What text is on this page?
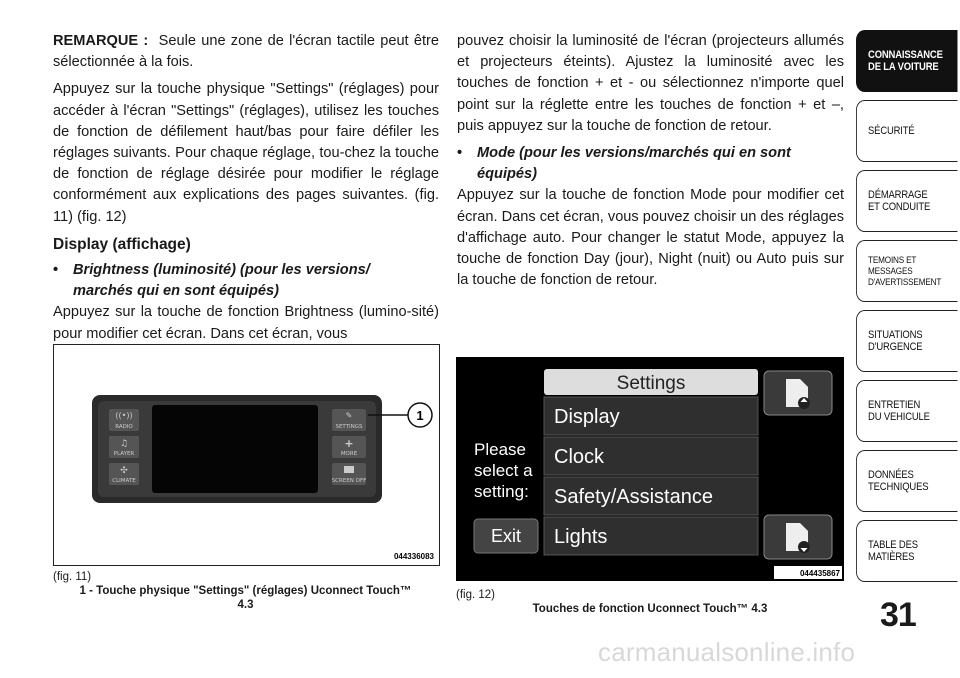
REMARQUE : Seule une zone de l'écran tactile peut être sélectionnée à la fois.

Appuyez sur la touche physique "Settings" (réglages) pour accéder à l'écran "Settings" (réglages), utilisez les touches de fonction de défilement haut/bas pour faire défiler les réglages suivants. Pour chaque réglage, tou-chez la touche de fonction de réglage désirée pour modifier le réglage conformément aux explications des pages suivantes. (fig. 11) (fig. 12)

Display (affichage)

• Brightness (luminosité) (pour les versions/
marchés qui en sont équipés)

Appuyez sur la touche de fonction Brightness (lumino-sité) pour modifier cet écran. Dans cet écran, vous

pouvez choisir la luminosité de l'écran (projecteurs allumés et projecteurs éteints). Ajustez la luminosité avec les touches de fonction + et - ou sélectionnez n'importe quel point sur la réglette entre les touches de fonction + et –, puis appuyez sur la touche de fonction de retour.

• Mode (pour les versions/marchés qui en sont
équipés)

Appuyez sur la touche de fonction Mode pour modifier cet écran. Dans cet écran, vous pouvez choisir un des réglages d'affichage auto. Pour changer le statut Mode, appuyez la touche de fonction Day (jour), Night (nuit) ou Auto puis sur la touche de fonction de retour.

((•))
RADIO
♫
PLAYER
✣
CLIMATE
✎
SETTINGS
+
MORE
SCREEN OFF
1
044336083
(fig. 11)
1 - Touche physique "Settings" (réglages) Uconnect Touch™ 4.3
Settings
Display
Clock
Safety/Assistance
Lights
Please
select a
setting:
Exit
044435867
(fig. 12)
Touches de fonction Uconnect Touch™ 4.3
CONNAISSANCE
DE LA VOITURE
SÉCURITÉ
DÉMARRAGE
ET CONDUITE
TEMOINS ET
MESSAGES
D'AVERTISSEMENT
SITUATIONS
D'URGENCE
ENTRETIEN
DU VEHICULE
DONNÉES
TECHNIQUES
TABLE DES
MATIÈRES
31
carmanualsonline.info
